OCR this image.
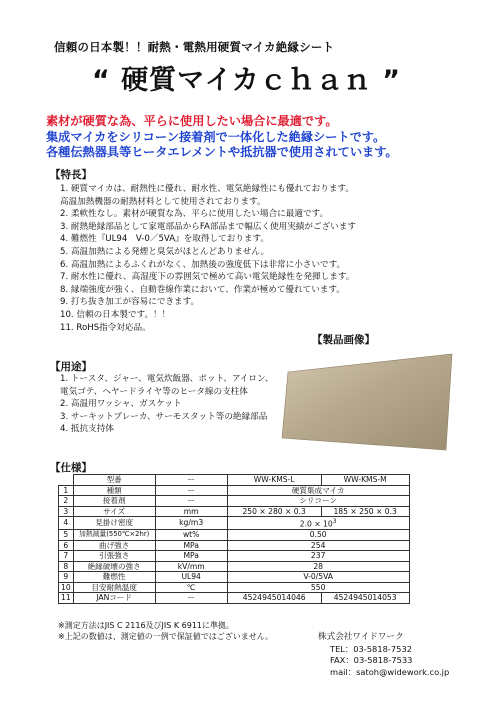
信頼の日本製！！耐熱・電熱用硬質マイカ絶縁シート
“ 硬質マイカｃｈａｎ ”
素材が硬質な為、平らに使用したい場合に最適です。
集成マイカをシリコーン接着剤で一体化した絶縁シートです。
各種伝熱器具等ヒータエレメントや抵抗器で使用されています。
【特長】
1. 硬質マイカは、耐熱性に優れ、耐水性、電気絶縁性にも優れております。
高温加熱機器の耐熱材料として使用されております。
2. 柔軟性なし。素材が硬質な為、平らに使用したい場合に最適です。
3. 耐熱絶縁部品として家電部品からFA部品まで幅広く使用実績がございます
4. 難燃性『UL94　V-0／5VA』を取得しております。
5. 高温加熱による発煙と臭気がほとんどありません。
6. 高温加熱によるふくれがなく、加熱後の強度低下は非常に小さいです。
7. 耐水性に優れ、高湿度下の雰囲気で極めて高い電気絶縁性を発揮します。
8. 縁端強度が強く、自動巻線作業において、作業が極めて優れています。
9. 打ち抜き加工が容易にできます。
10. 信頼の日本製です。！！
11. RoHS指令対応品。
【製品画像】
【用途】
1. トースタ、ジャー、電気炊飯器、ポット、アイロン、
電気ゴテ、ヘヤードライヤ等のヒータ線の支柱体
2. 高温用ワッシャ、ガスケット
3. サーキットブレーカ、サーモスタット等の絶縁部品
4. 抵抗支持体
【仕様】
	型番	ー	WW-KMS-L	WW-KMS-M
1	種類	ー	硬質集成マイカ	
2	接着剤	ー	シリコーン	
3	サイズ	mm	250 × 280 × 0.3	185 × 250 × 0.3
4	見掛け密度	kg/m3	$2.0 \times 10^3$
5	加熱減量(550℃×2hr)	wt%	0.50	
6	曲げ強さ	MPa	254	
7	引張強さ	MPa	237	
8	絶縁破壊の強さ	kV/mm	28	
9	難燃性	UL94	V-0/5VA	
10	目安耐熱温度	℃	550	
11	JANコード	ー	4524945014046	4524945014053
※測定方法はJIS C 2116及びJIS K 6911に準拠。
※上記の数値は、測定値の一例で保証値ではございません。	株式会社ワイドワーク
TEL：03-5818-7532
FAX：03-5818-7533
mail：satoh@widework.co.jp
